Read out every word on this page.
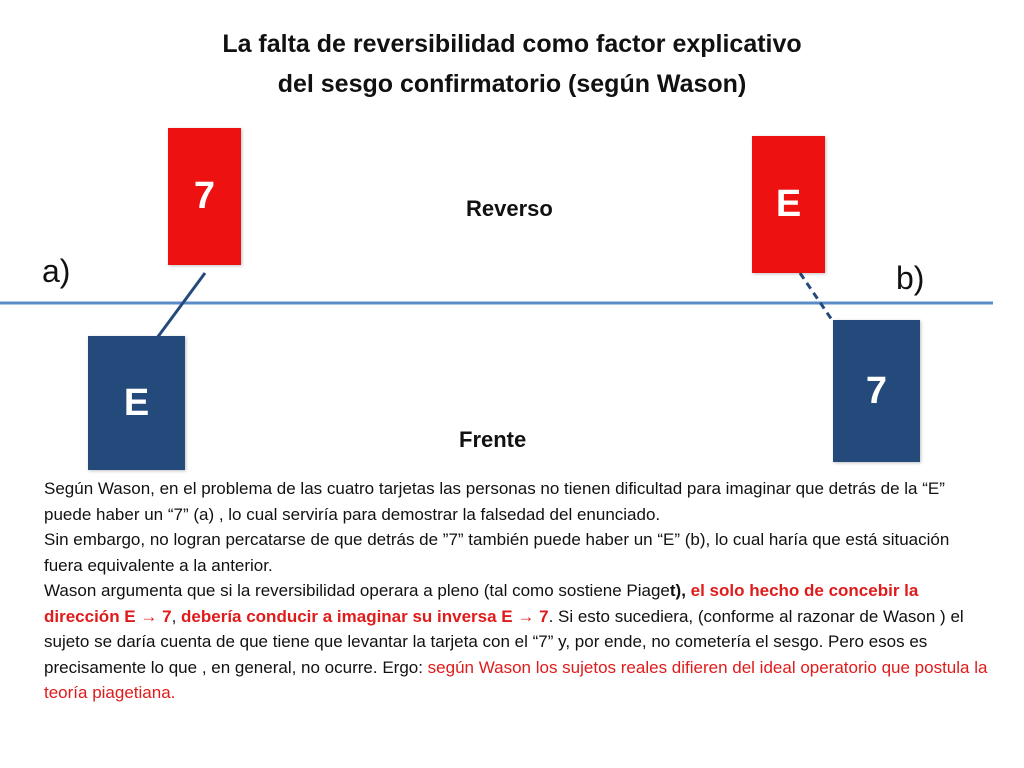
La falta de reversibilidad como factor explicativo
del sesgo confirmatorio (según Wason)
7
E
E
7
Reverso
Frente
a)	b)

Según Wason, en el problema de las cuatro tarjetas las personas no tienen dificultad para imaginar que detrás de la “E” puede haber un “7” (a) , lo cual serviría para demostrar la falsedad del enunciado.

Sin embargo, no logran percatarse de que detrás de ”7” también puede haber un “E” (b), lo cual haría que está situación fuera equivalente a la anterior.

Wason argumenta que si la reversibilidad operara a pleno (tal como sostiene Piaget), el solo hecho de concebir la dirección E → 7, debería conducir a imaginar su inversa E → 7. Si esto sucediera, (conforme al razonar de Wason ) el sujeto se daría cuenta de que tiene que levantar la tarjeta con el “7” y, por ende, no cometería el sesgo. Pero esos es precisamente lo que , en general, no ocurre. Ergo: según Wason los sujetos reales difieren del ideal operatorio que postula la teoría piagetiana.
